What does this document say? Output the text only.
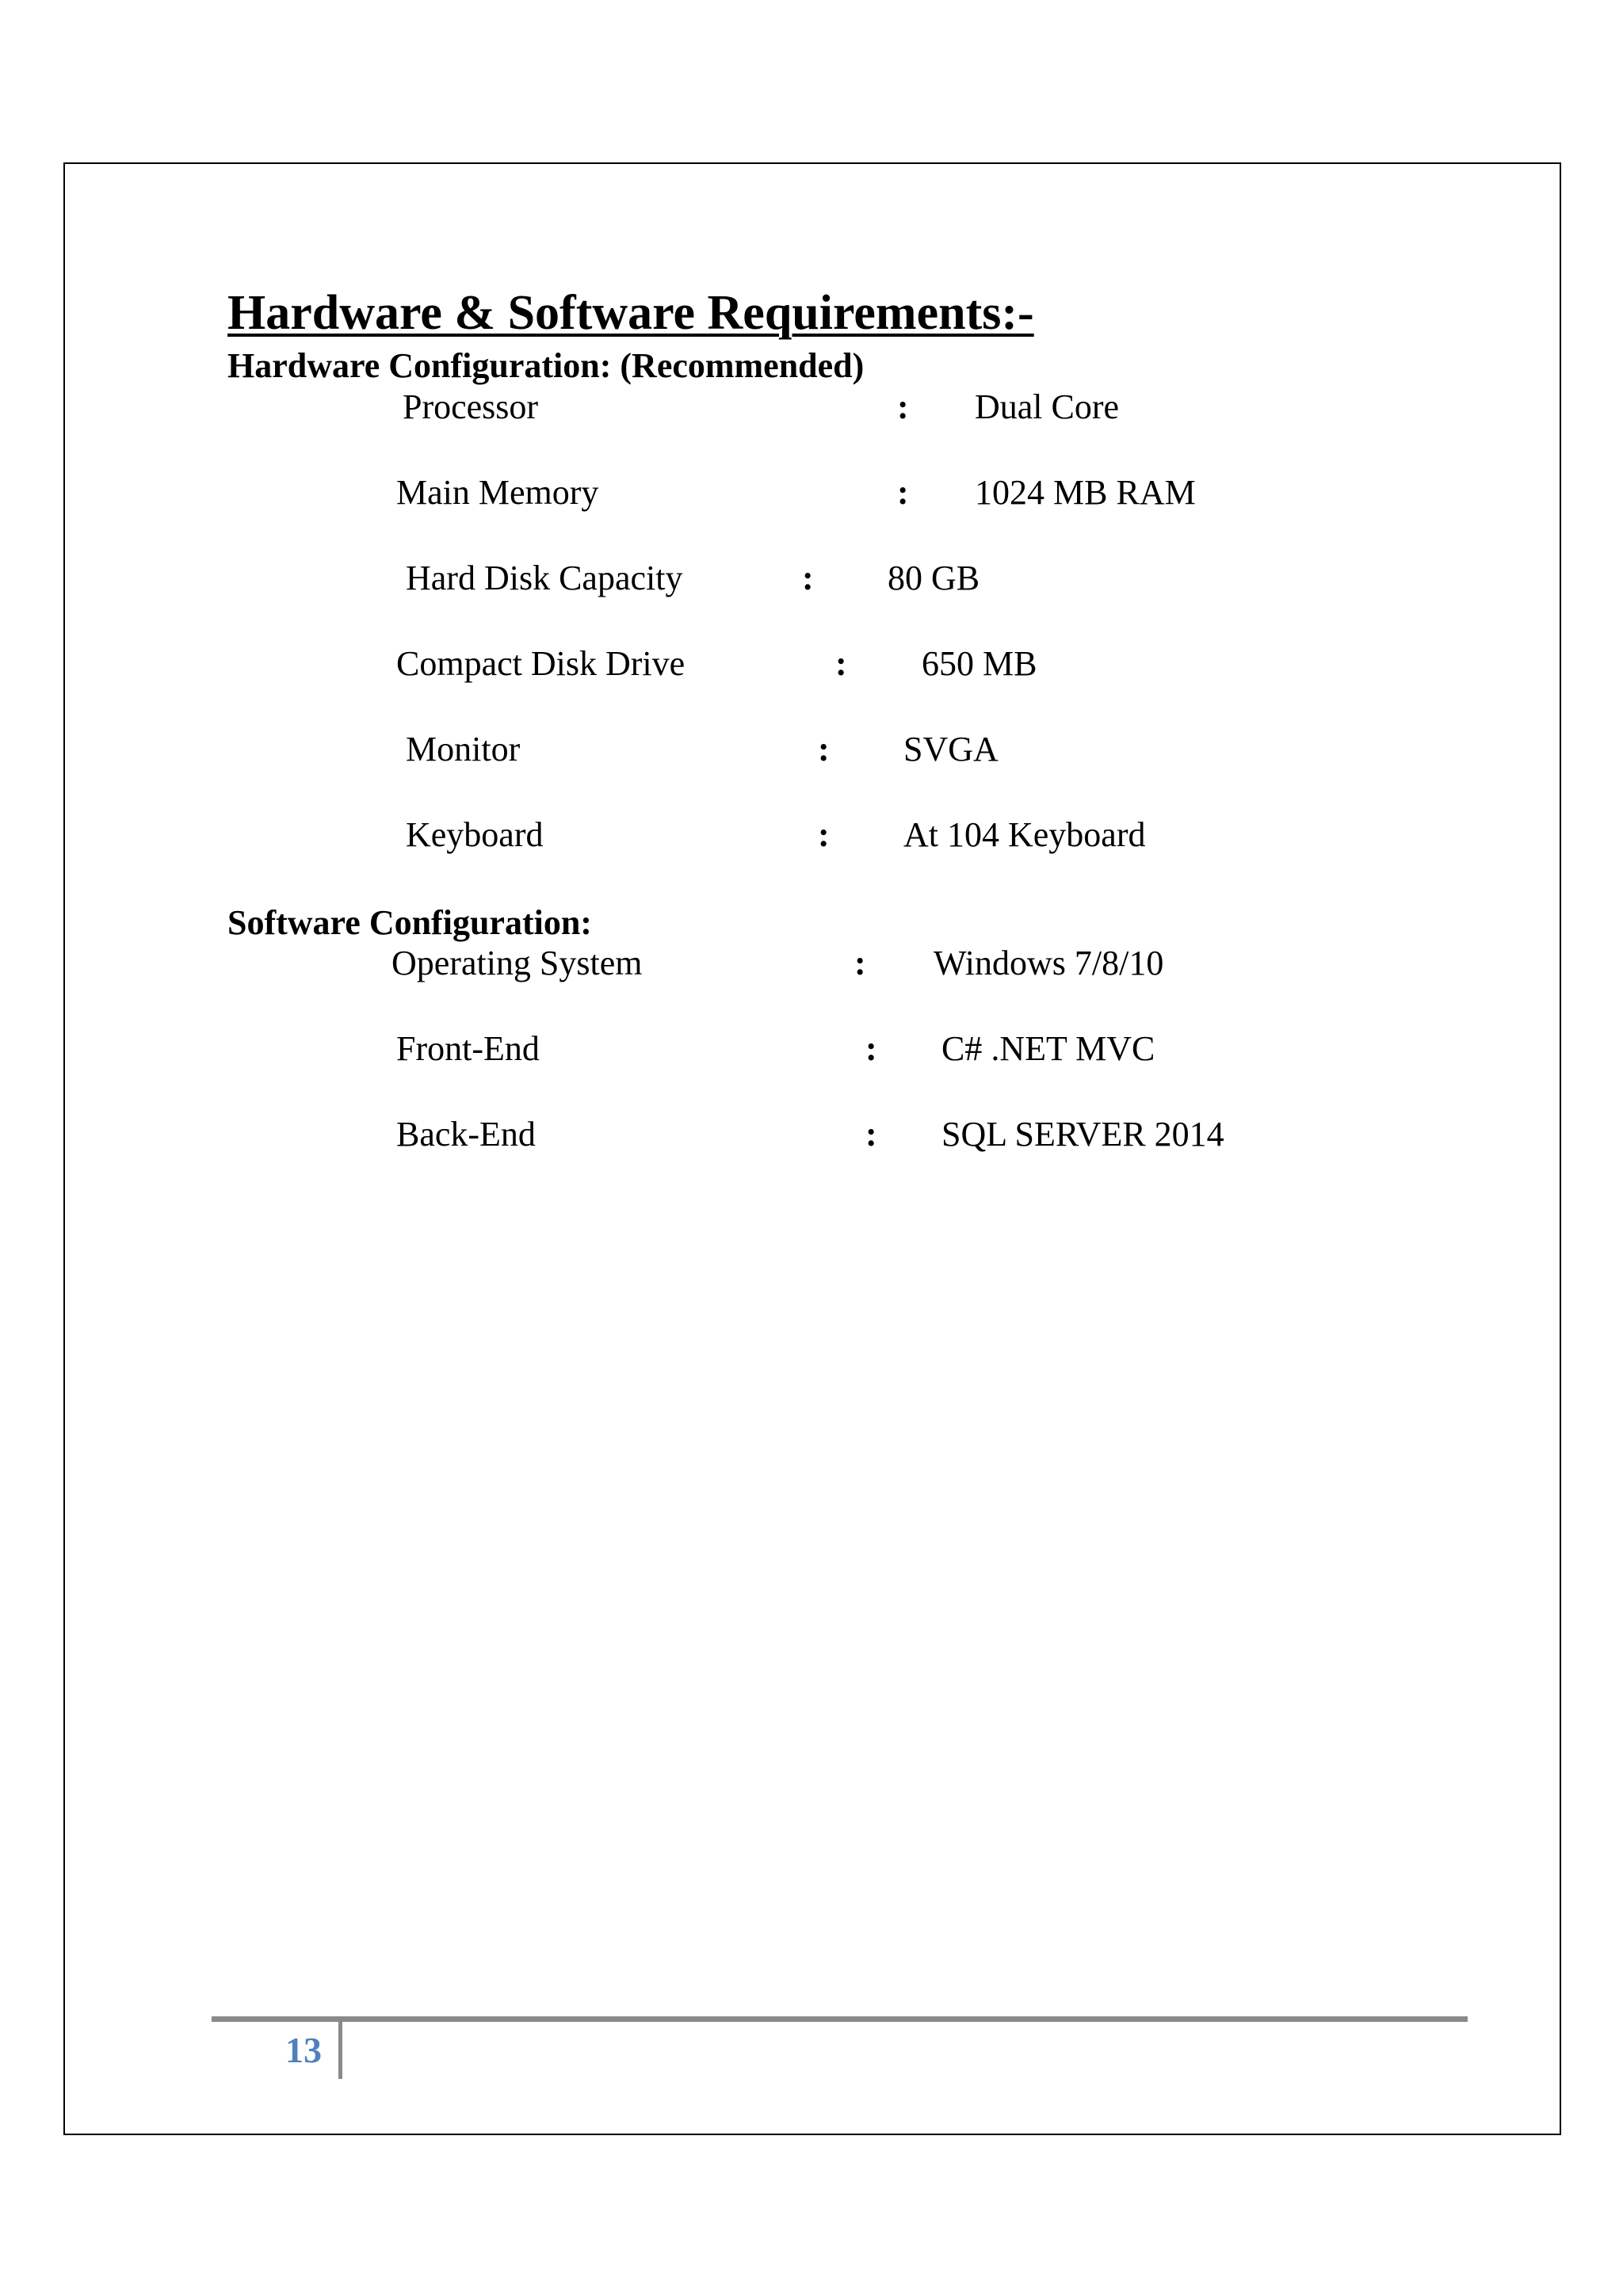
Hardware & Software Requirements:-
Hardware Configuration: (Recommended)
Processor	: Dual Core
Main Memory	: 1024 MB RAM
Hard Disk Capacity	: 80 GB
Compact Disk Drive	: 650 MB
Monitor	: SVGA
Keyboard	: At 104 Keyboard
Software Configuration:
Operating System	: Windows 7/8/10
Front-End	: C# .NET MVC
Back-End	: SQL SERVER 2014
13
